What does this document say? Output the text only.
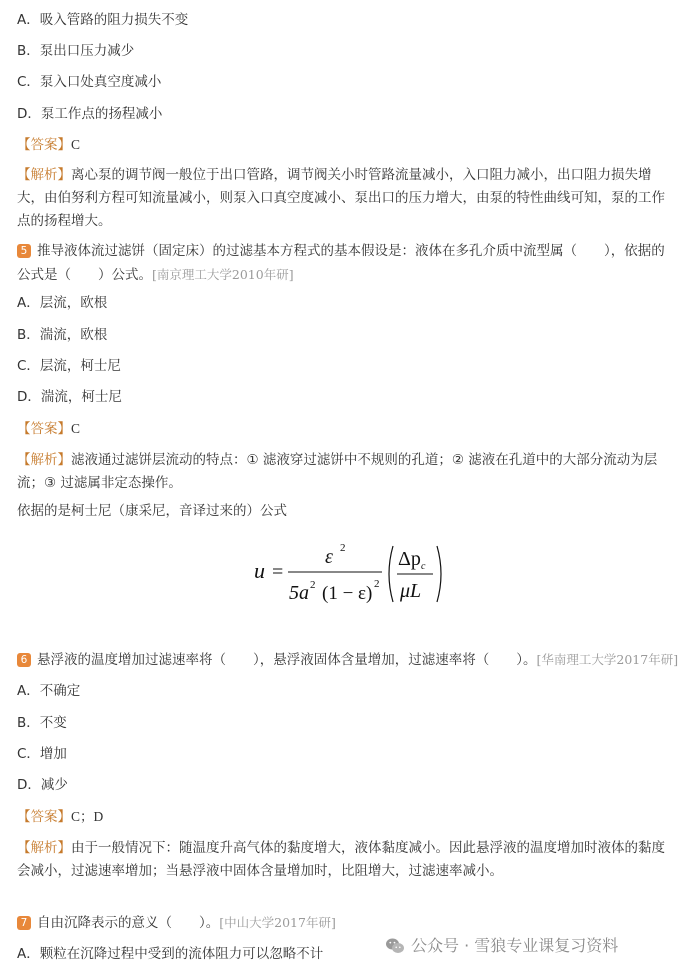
A．吸入管路的阻力损失不变
B．泵出口压力减少
C．泵入口处真空度减小
D．泵工作点的扬程减小
【答案】C
【解析】离心泵的调节阀一般位于出口管路，调节阀关小时管路流量减小，入口阻力减小，出口阻力损失增大，由伯努利方程可知流量减小，则泵入口真空度减小、泵出口的压力增大，由泵的特性曲线可知，泵的工作点的扬程增大。
5 推导液体流过滤饼（固定床）的过滤基本方程式的基本假设是：液体在多孔介质中流型属（　　），依据的公式是（　　）公式。[南京理工大学2010年研]
A．层流，欧根
B．湍流，欧根
C．层流，柯士尼
D．湍流，柯士尼
【答案】C
【解析】滤液通过滤饼层流动的特点：① 滤液穿过滤饼中不规则的孔道；② 滤液在孔道中的大部分流动为层流；③ 过滤属非定态操作。
依据的是柯士尼（康采尼，音译过来的）公式
u =
ε 2
5a 2 (1 − ε) 2
Δp c
μL
6 悬浮液的温度增加过滤速率将（　　），悬浮液固体含量增加，过滤速率将（　　）。[华南理工大学2017年研]
A．不确定
B．不变
C．增加
D．减少
【答案】C；D
【解析】由于一般情况下：随温度升高气体的黏度增大，液体黏度减小。因此悬浮液的温度增加时液体的黏度会减小，过滤速率增加；当悬浮液中固体含量增加时，比阻增大，过滤速率减小。
7 自由沉降表示的意义（　　）。[中山大学2017年研]
A．颗粒在沉降过程中受到的流体阻力可以忽略不计	公众号 · 雪狼专业课复习资料
